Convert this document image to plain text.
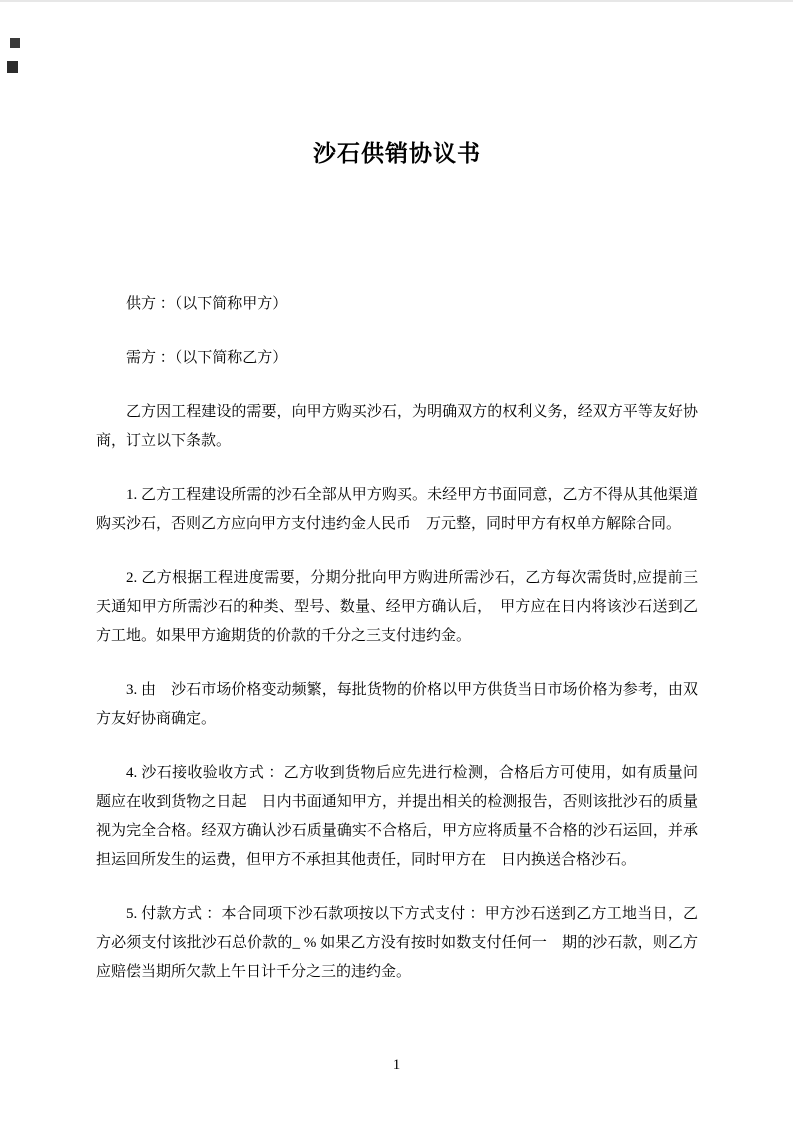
沙石供销协议书

供方 ：（以下简称甲方）

需方 ：（以下简称乙方）

乙方因工程建设的需要，向甲方购买沙石，为明确双方的权利义务，经双方平等友好协商，订立以下条款。

1. 乙方工程建设所需的沙石全部从甲方购买。未经甲方书面同意，乙方不得从其他渠道购买沙石，否则乙方应向甲方支付违约金人民币　万元整，同时甲方有权单方解除合同。

2. 乙方根据工程进度需要，分期分批向甲方购进所需沙石，乙方每次需货时,应提前三天通知甲方所需沙石的种类、型号、数量、经甲方确认后，　甲方应在日内将该沙石送到乙方工地。如果甲方逾期货的价款的千分之三支付违约金。

3. 由　沙石市场价格变动频繁，每批货物的价格以甲方供货当日市场价格为参考，由双方友好协商确定。

4. 沙石接收验收方式 ：乙方收到货物后应先进行检测，合格后方可使用，如有质量问题应在收到货物之日起　日内书面通知甲方，并提出相关的检测报告，否则该批沙石的质量视为完全合格。经双方确认沙石质量确实不合格后，甲方应将质量不合格的沙石运回，并承担运回所发生的运费，但甲方不承担其他责任，同时甲方在　日内换送合格沙石。

5. 付款方式 ：本合同项下沙石款项按以下方式支付 ：甲方沙石送到乙方工地当日，乙方必须支付该批沙石总价款的_ % 如果乙方没有按时如数支付任何一　期的沙石款，则乙方应赔偿当期所欠款上午日计千分之三的违约金。

1
